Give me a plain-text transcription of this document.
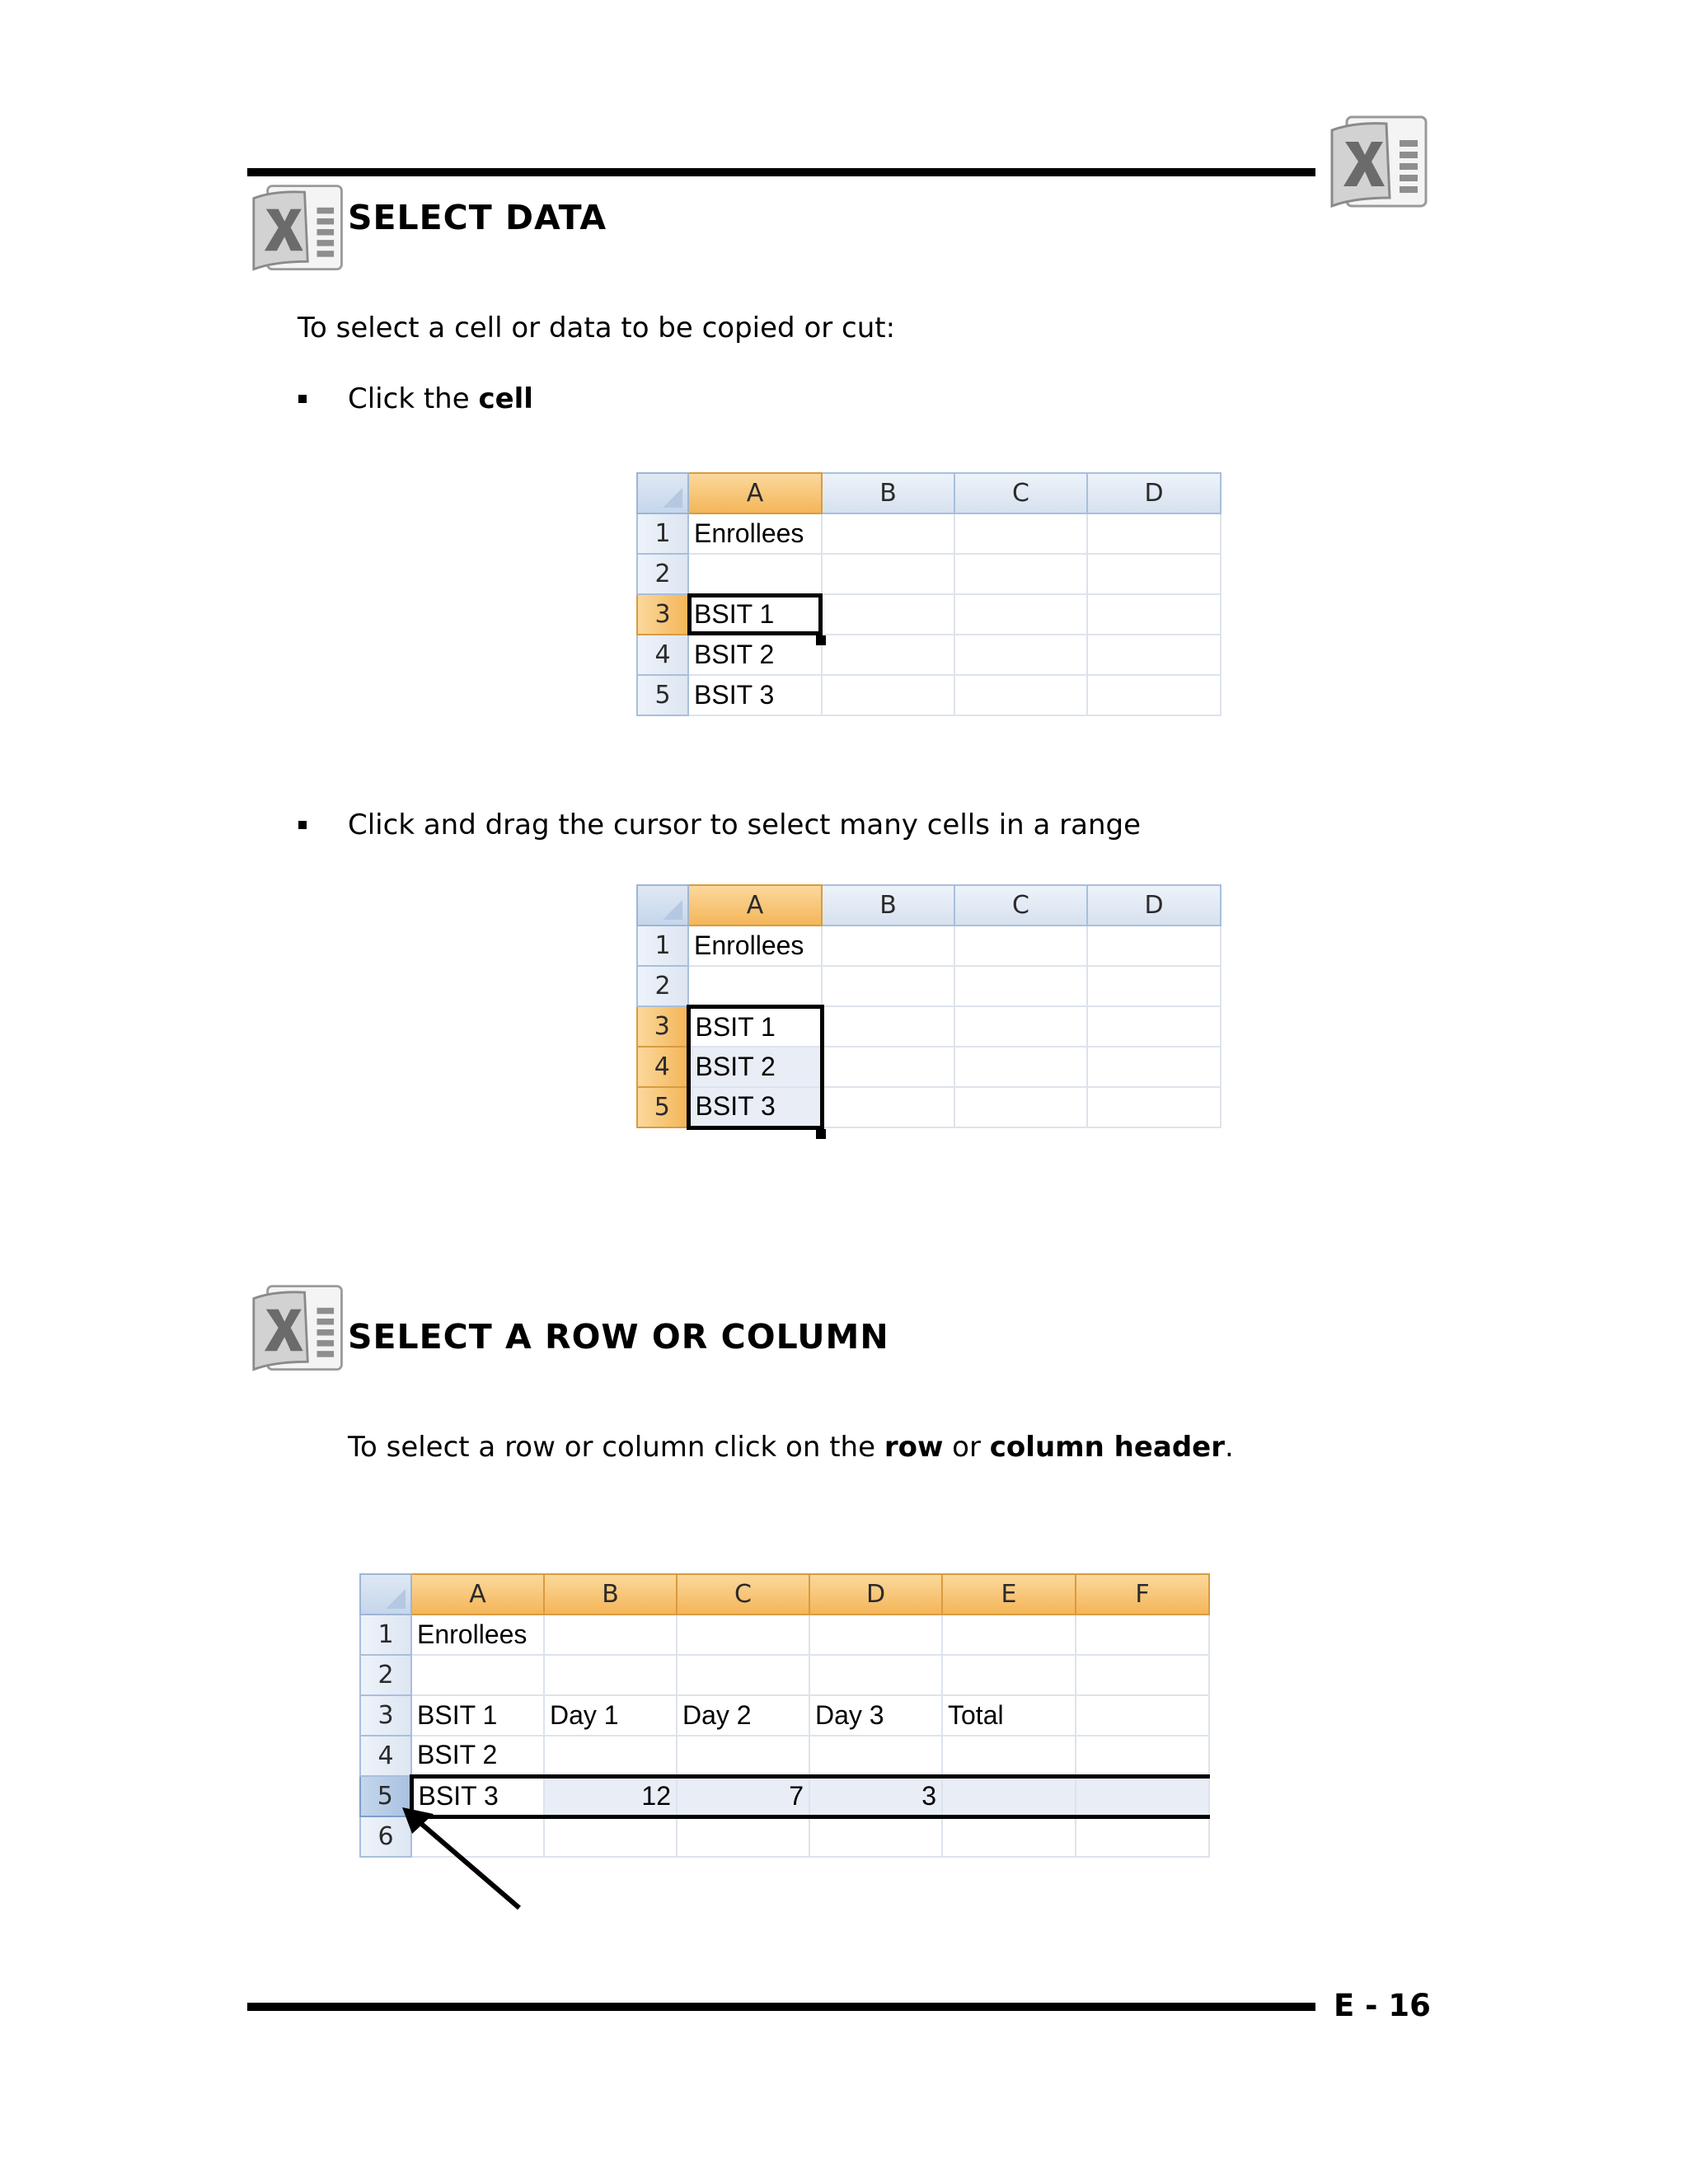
SELECT DATA

To select a cell or data to be copied or cut:

Click the cell

	A	B	C	D
1	Enrollees			
2				
3	BSIT 1			
4	BSIT 2			
5	BSIT 3			

Click and drag the cursor to select many cells in a range

	A	B	C	D
1	Enrollees			
2				
3	BSIT 1			
4	BSIT 2			
5	BSIT 3			
SELECT A ROW OR COLUMN

To select a row or column click on the row or column header.

	A	B	C	D	E	F
1	Enrollees					
2						
3	BSIT 1	Day 1	Day 2	Day 3	Total	
4	BSIT 2					
5	BSIT 3	12	7	3		
6						
E - 16
